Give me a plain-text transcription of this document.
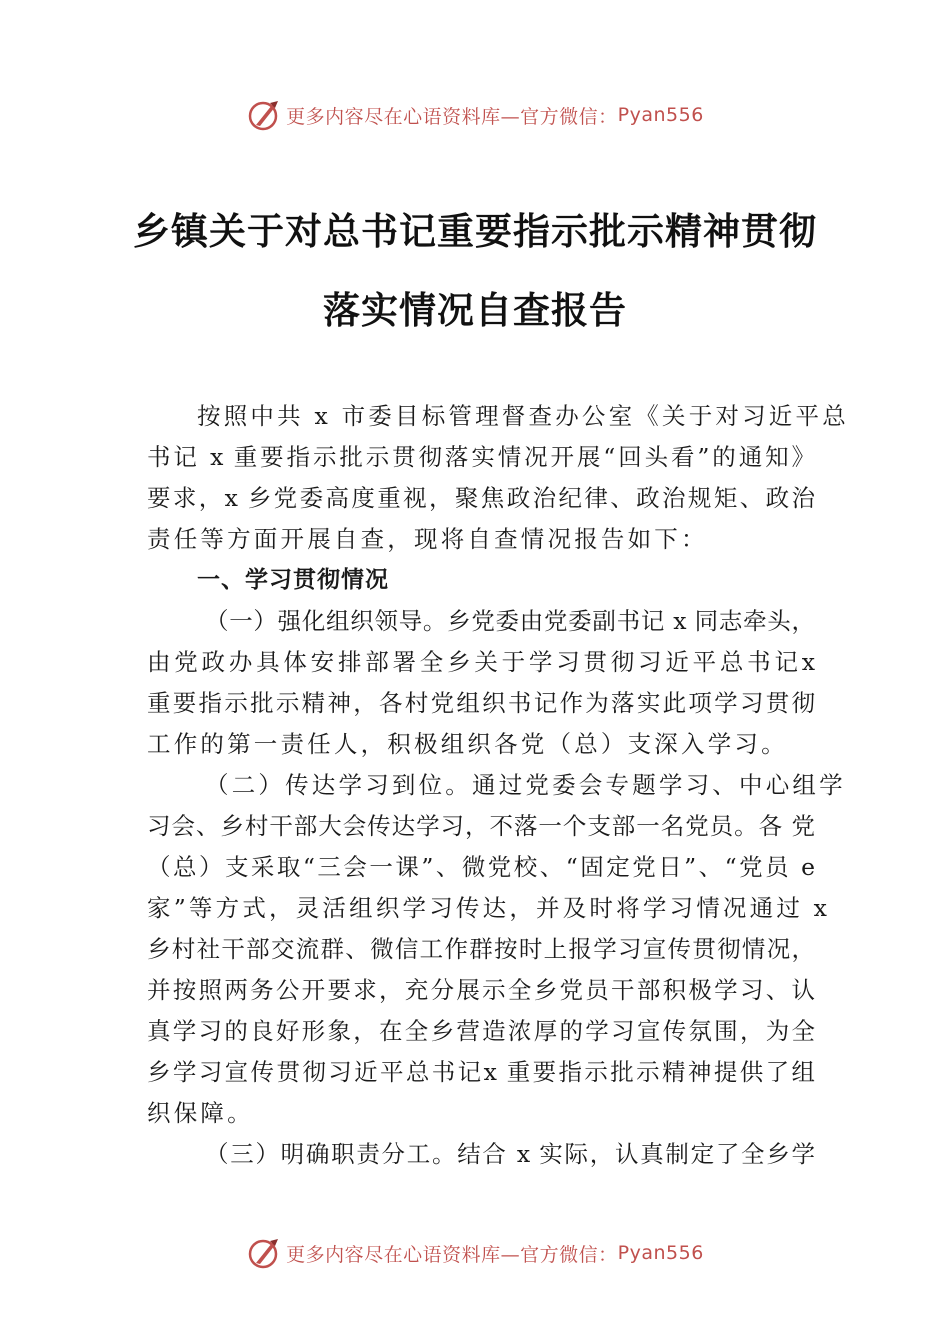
更多内容尽在心语资料库—官方微信： Pyan556
乡镇关于对总书记重要指示批示精神贯彻
落实情况自查报告
按照中共 x 市委目标管理督查办公室《关于对习近平总
书记 x 重要指示批示贯彻落实情况开展“回头看”的通知》
要求，x 乡党委高度重视，聚焦政治纪律、政治规矩、政治
责任等方面开展自查，现将自查情况报告如下：
一、学习贯彻情况
（一）强化组织领导。乡党委由党委副书记 x 同志牵头，
由党政办具体安排部署全乡关于学习贯彻习近平总书记x
重要指示批示精神，各村党组织书记作为落实此项学习贯彻
工作的第一责任人，积极组织各党（总）支深入学习。
（二）传达学习到位。通过党委会专题学习、中心组学
习会、乡村干部大会传达学习，不落一个支部一名党员。各 党
（总）支采取“三会一课”、微党校、“固定党日”、“党员 e
家”等方式，灵活组织学习传达，并及时将学习情况通过 x
乡村社干部交流群、微信工作群按时上报学习宣传贯彻情况，
并按照两务公开要求，充分展示全乡党员干部积极学习、认
真学习的良好形象，在全乡营造浓厚的学习宣传氛围，为全
乡学习宣传贯彻习近平总书记x 重要指示批示精神提供了组
织保障。
（三）明确职责分工。结合 x 实际，认真制定了全乡学
更多内容尽在心语资料库—官方微信： Pyan556
